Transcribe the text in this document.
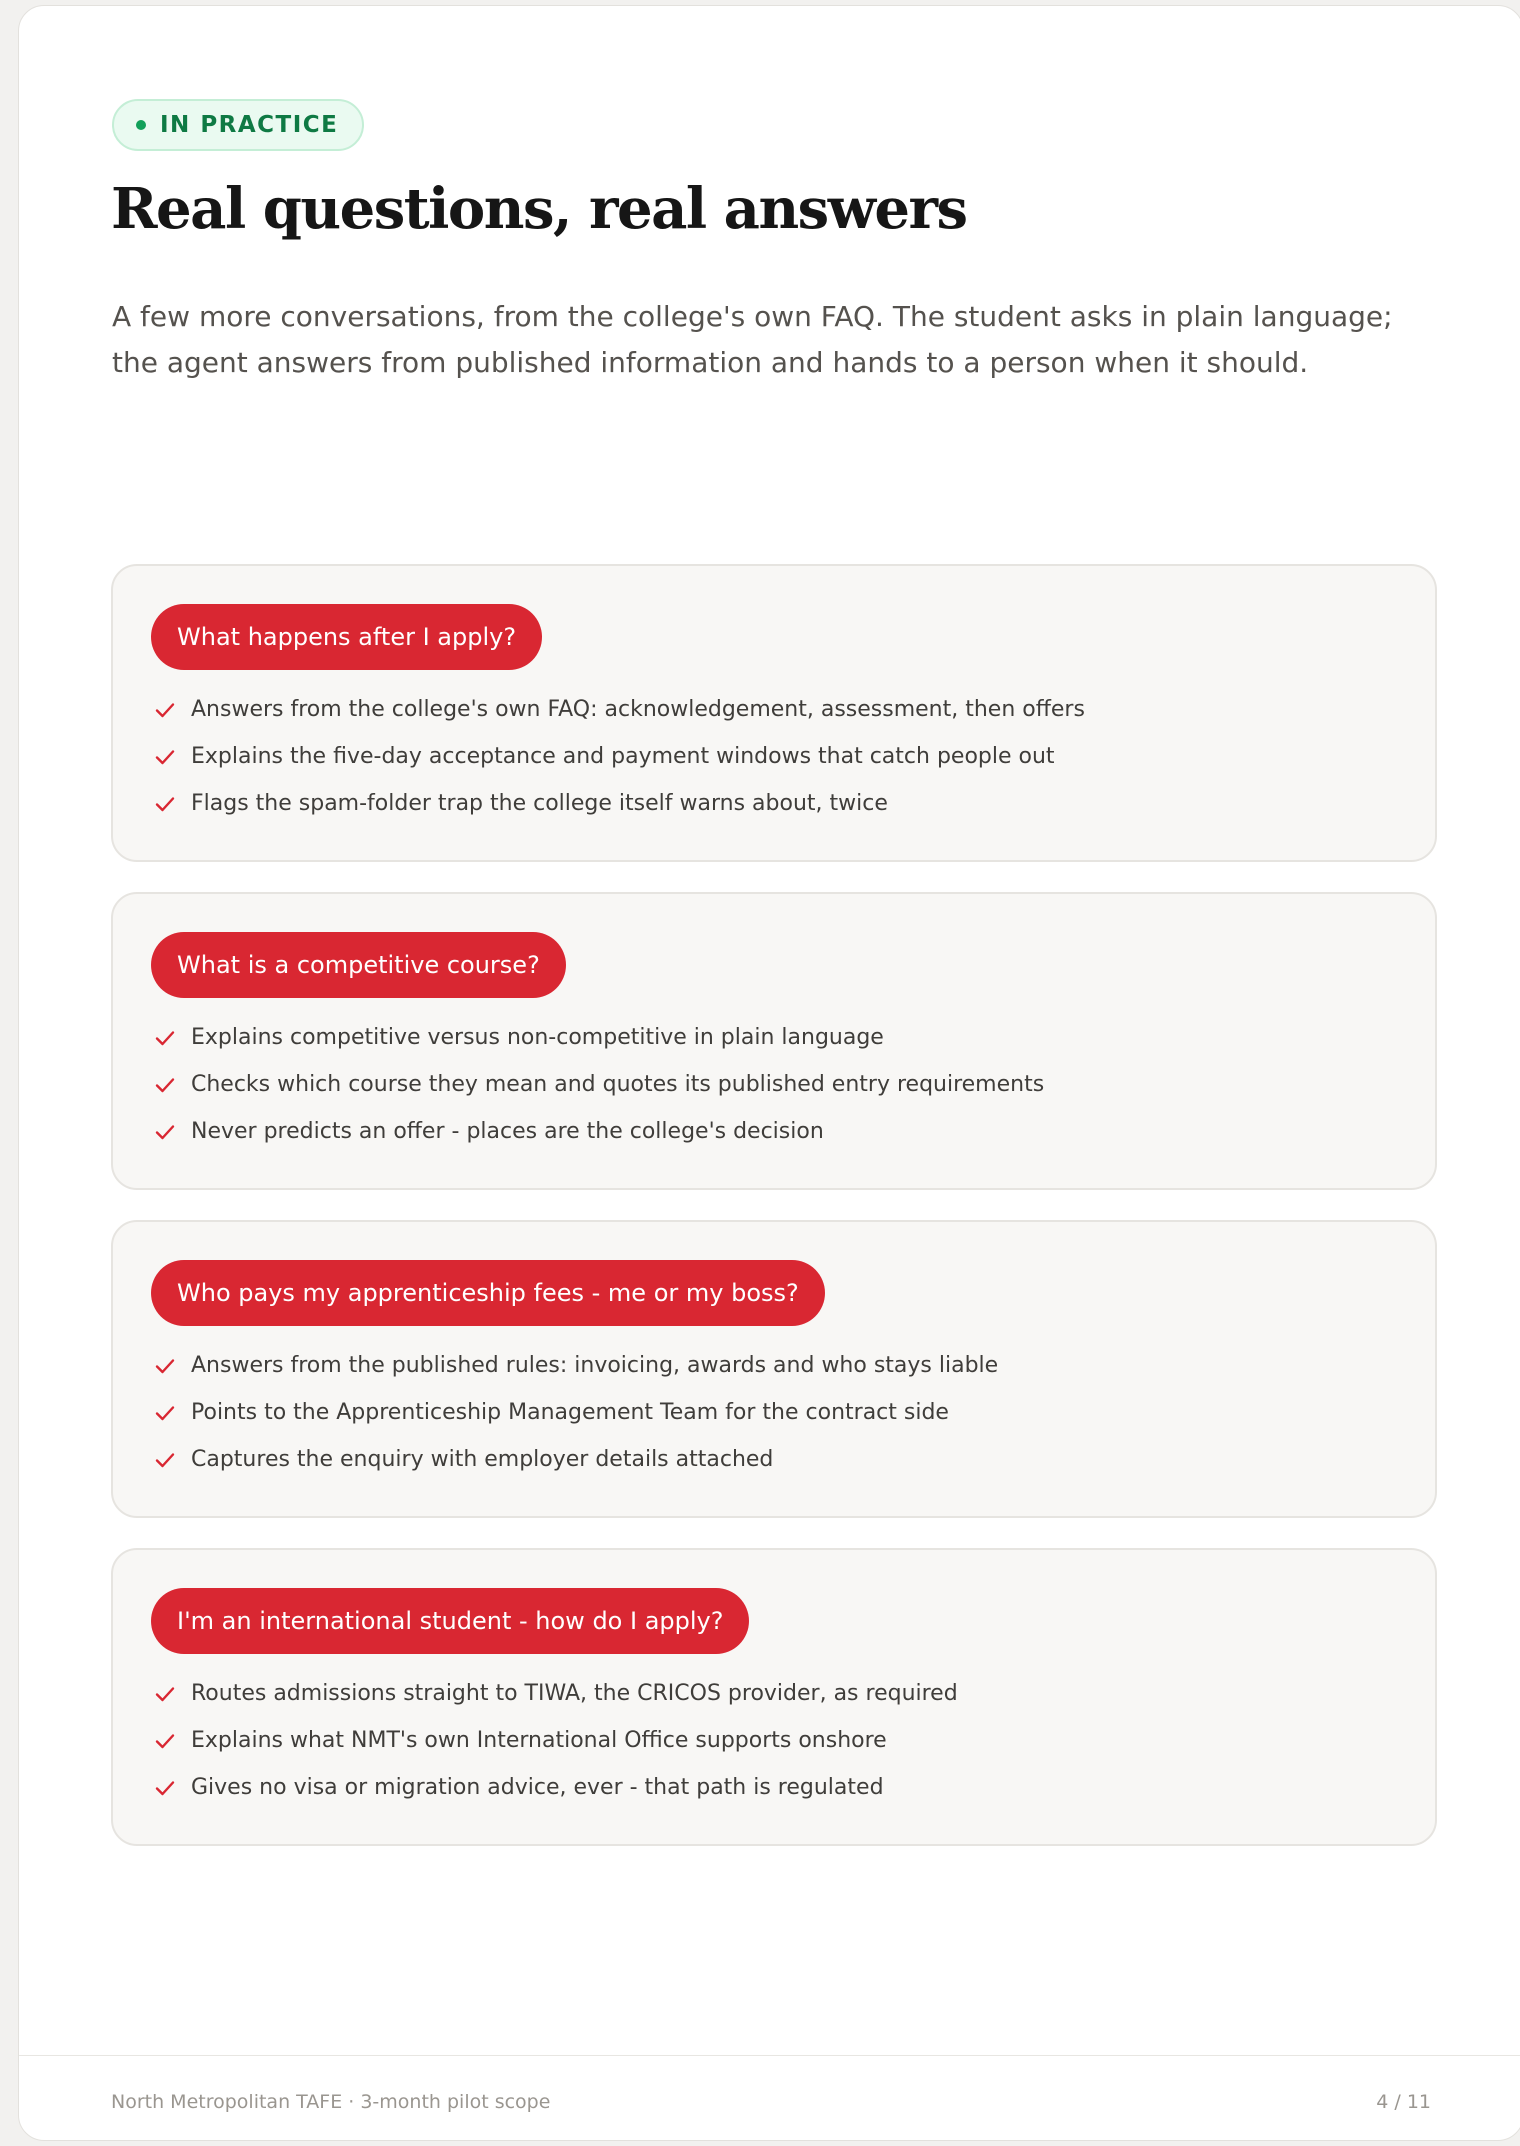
IN PRACTICE
Real questions, real answers

A few more conversations, from the college's own FAQ. The student asks in plain language; the agent answers from published information and hands to a person when it should.

What happens after I apply?
Answers from the college's own FAQ: acknowledgement, assessment, then offers
Explains the five-day acceptance and payment windows that catch people out
Flags the spam-folder trap the college itself warns about, twice
What is a competitive course?
Explains competitive versus non-competitive in plain language
Checks which course they mean and quotes its published entry requirements
Never predicts an offer - places are the college's decision
Who pays my apprenticeship fees - me or my boss?
Answers from the published rules: invoicing, awards and who stays liable
Points to the Apprenticeship Management Team for the contract side
Captures the enquiry with employer details attached
I'm an international student - how do I apply?
Routes admissions straight to TIWA, the CRICOS provider, as required
Explains what NMT's own International Office supports onshore
Gives no visa or migration advice, ever - that path is regulated
North Metropolitan TAFE · 3-month pilot scope	4 / 11
